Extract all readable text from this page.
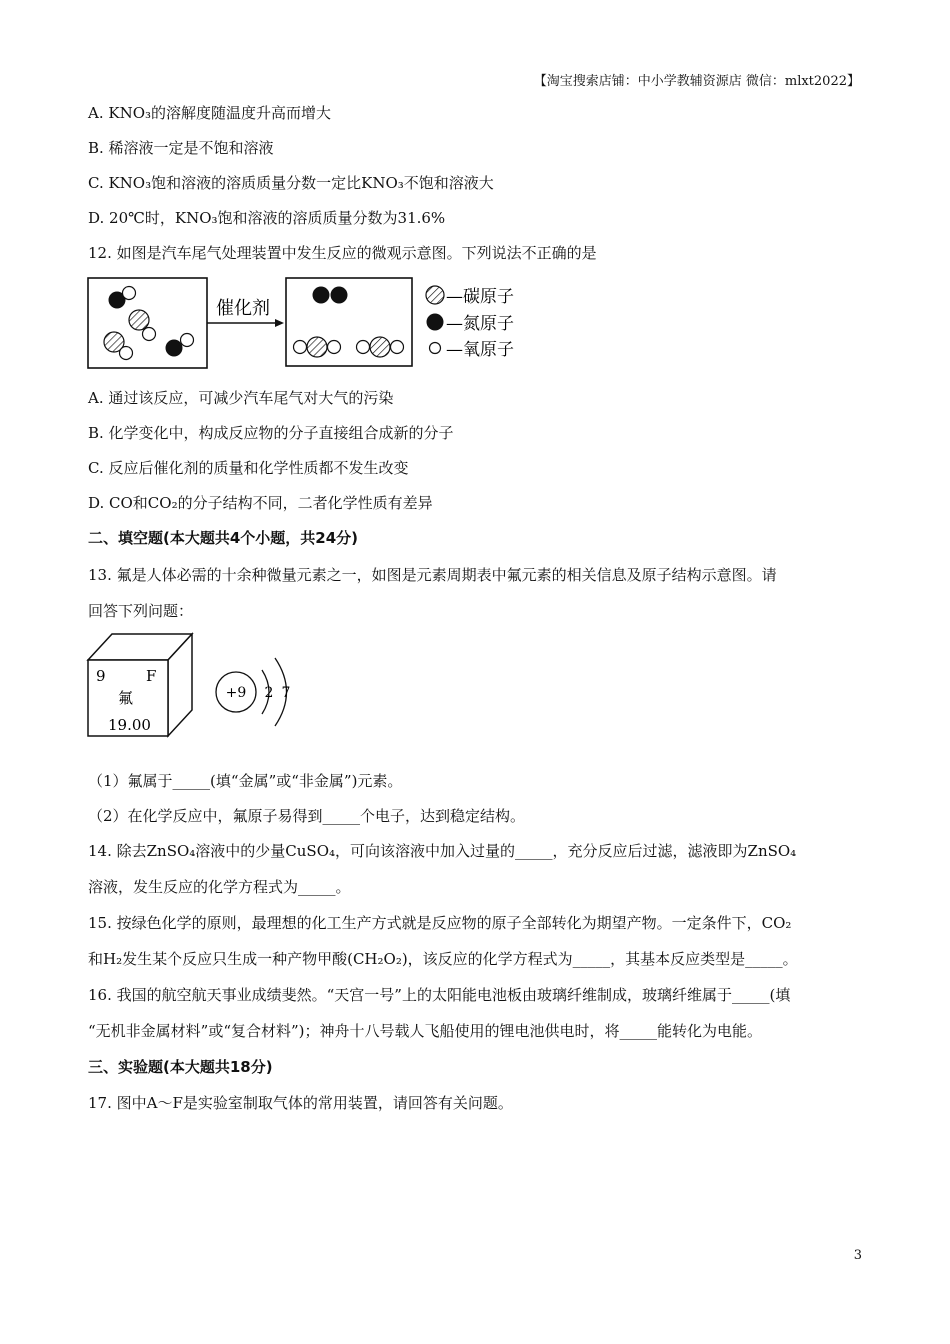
【淘宝搜索店铺：中小学教辅资源店 微信：mlxt2022】
A. KNO₃的溶解度随温度升高而增大
B. 稀溶液一定是不饱和溶液
C. KNO₃饱和溶液的溶质质量分数一定比KNO₃不饱和溶液大
D. 20℃时，KNO₃饱和溶液的溶质质量分数为31.6%
12. 如图是汽车尾气处理装置中发生反应的微观示意图。下列说法不正确的是
催化剂
—碳原子
—氮原子
—氧原子
A. 通过该反应，可减少汽车尾气对大气的污染
B. 化学变化中，构成反应物的分子直接组合成新的分子
C. 反应后催化剂的质量和化学性质都不发生改变
D. CO和CO₂的分子结构不同，二者化学性质有差异
二、填空题(本大题共4个小题，共24分)
13. 氟是人体必需的十余种微量元素之一，如图是元素周期表中氟元素的相关信息及原子结构示意图。请
回答下列问题：
9	F
氟
19.00
+9 2 7
（1）氟属于_____(填“金属”或“非金属”)元素。
（2）在化学反应中，氟原子易得到_____个电子，达到稳定结构。
14. 除去ZnSO₄溶液中的少量CuSO₄，可向该溶液中加入过量的_____，充分反应后过滤，滤液即为ZnSO₄
溶液，发生反应的化学方程式为_____。
15. 按绿色化学的原则，最理想的化工生产方式就是反应物的原子全部转化为期望产物。一定条件下，CO₂
和H₂发生某个反应只生成一种产物甲酸(CH₂O₂)，该反应的化学方程式为_____，其基本反应类型是_____。
16. 我国的航空航天事业成绩斐然。“天宫一号”上的太阳能电池板由玻璃纤维制成，玻璃纤维属于_____(填
“无机非金属材料”或“复合材料”)；神舟十八号载人飞船使用的锂电池供电时，将_____能转化为电能。
三、实验题(本大题共18分)
17. 图中A～F是实验室制取气体的常用装置，请回答有关问题。
3
